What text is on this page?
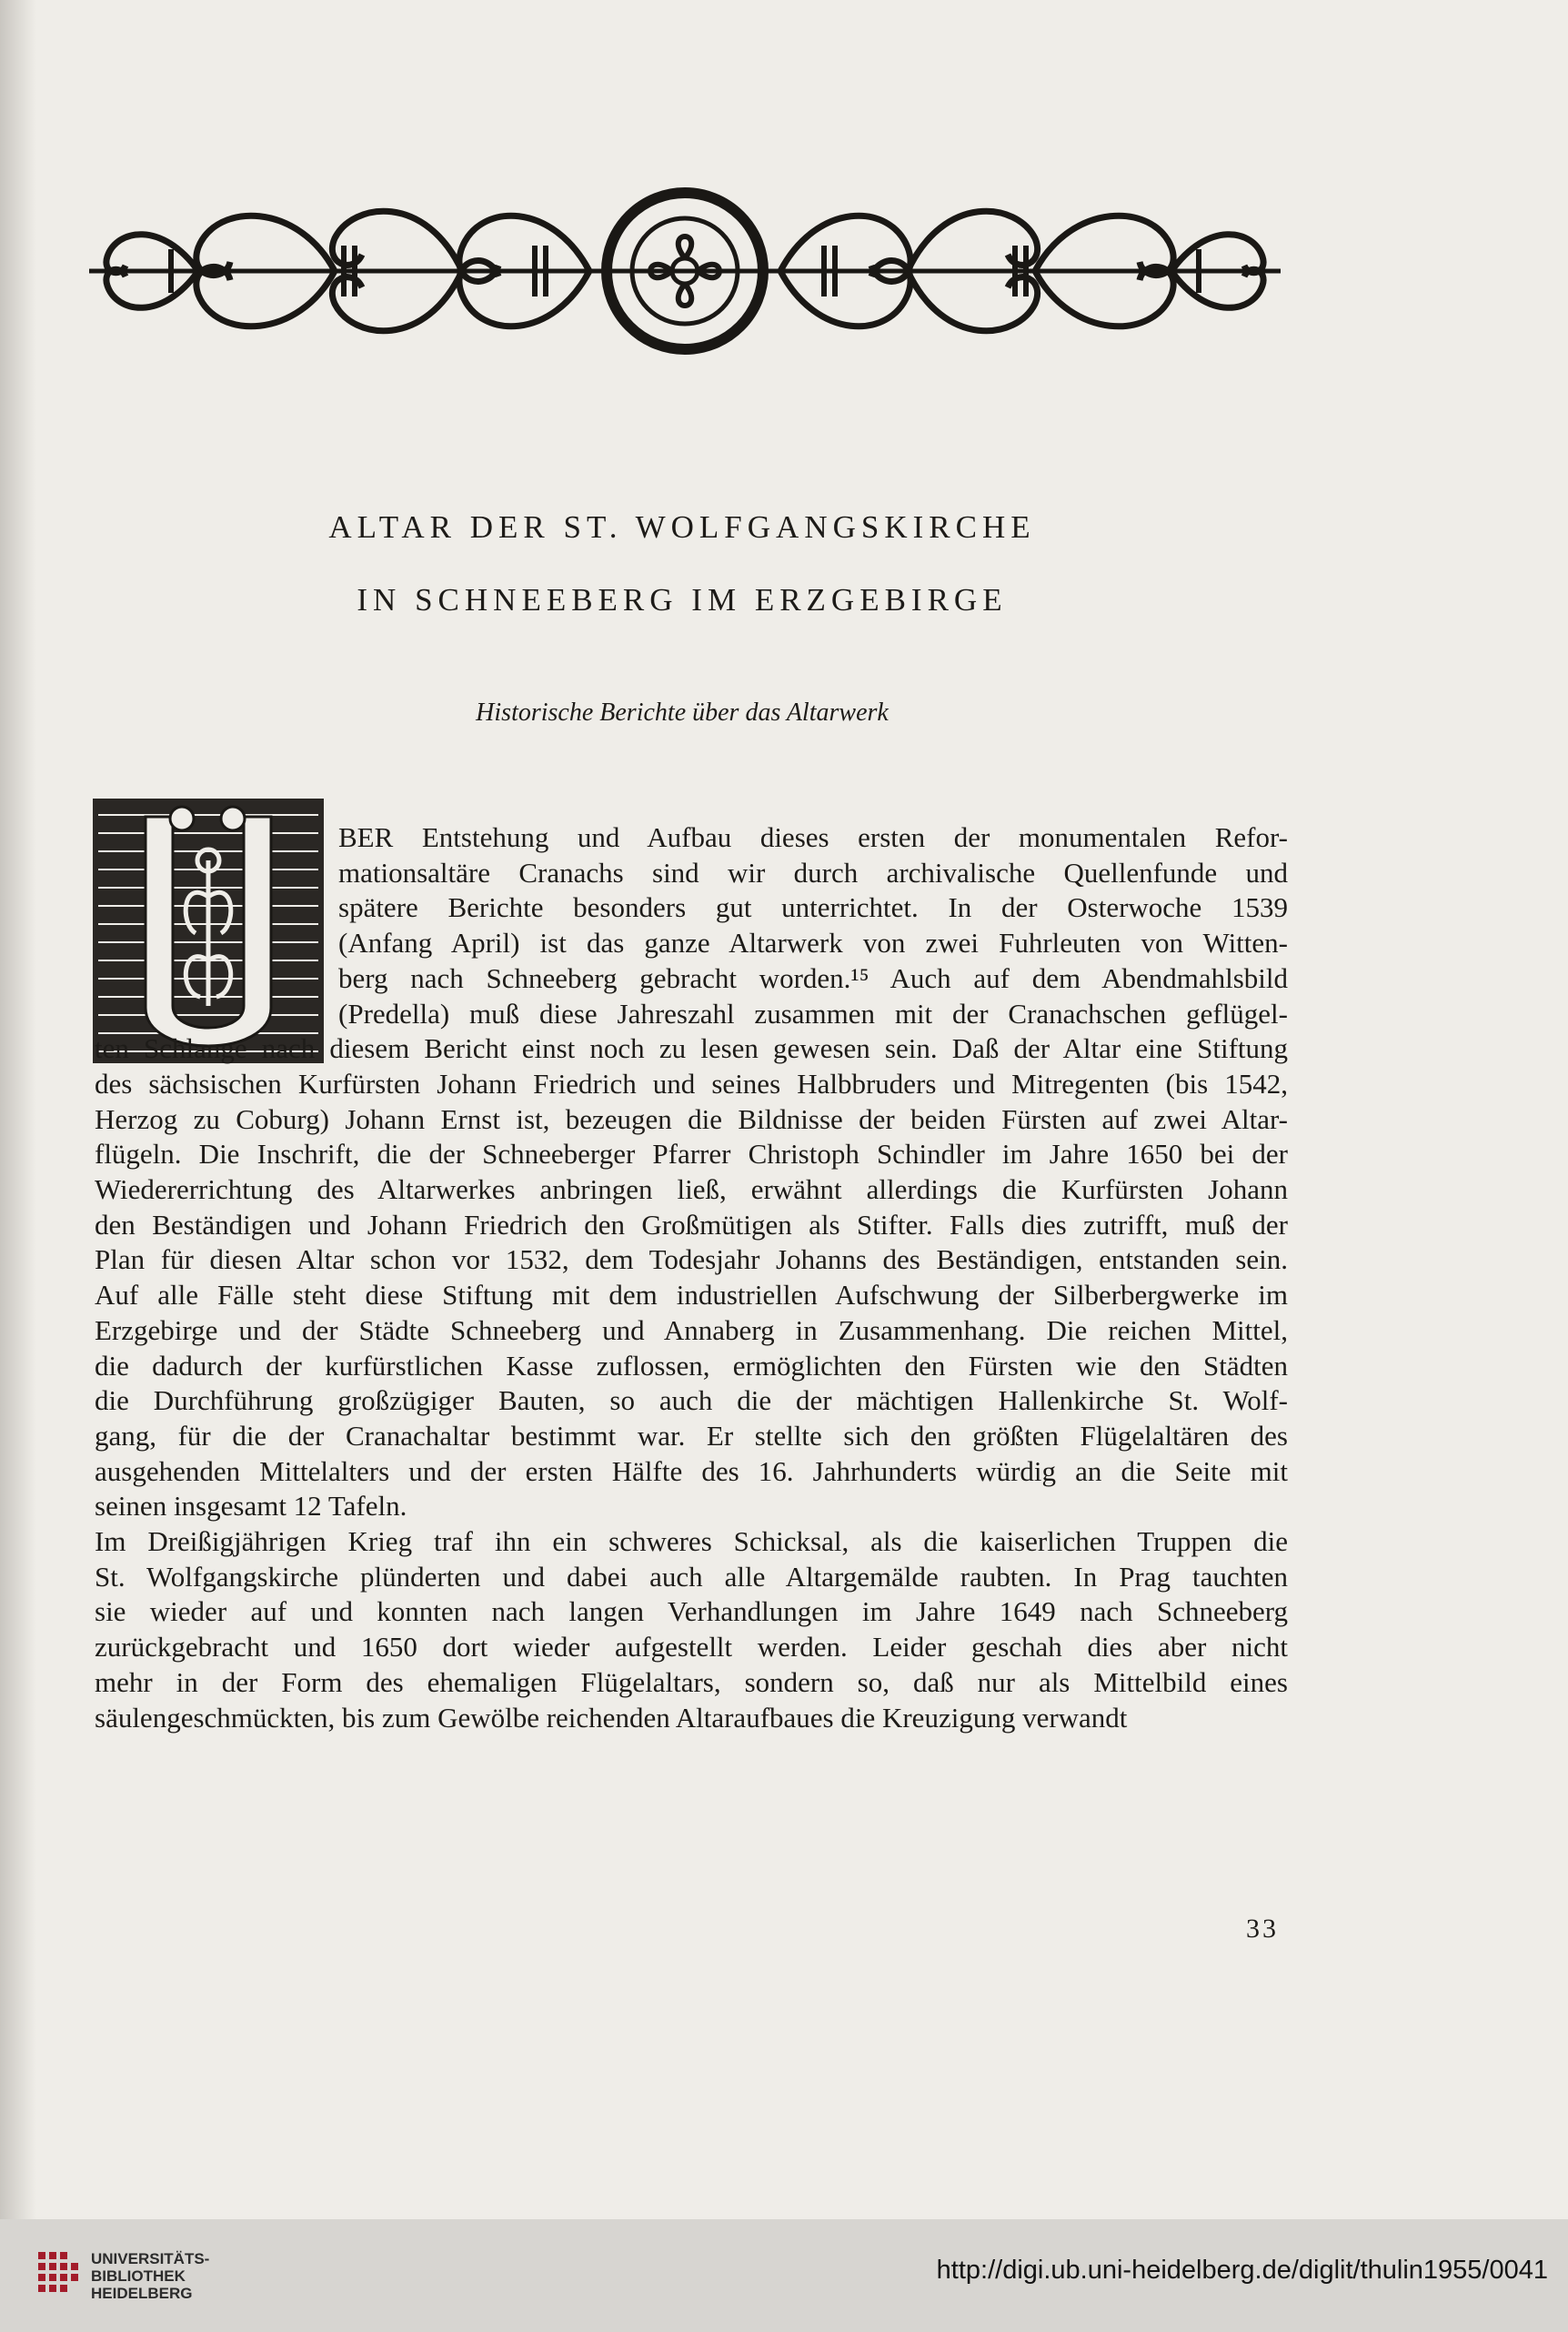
ALTAR DER ST. WOLFGANGSKIRCHE
IN SCHNEEBERG IM ERZGEBIRGE
Historische Berichte über das Altarwerk
BER Entstehung und Aufbau dieses ersten der monumentalen Refor-
mationsaltäre Cranachs sind wir durch archivalische Quellenfunde und
spätere Berichte besonders gut unterrichtet. In der Osterwoche 1539
(Anfang April) ist das ganze Altarwerk von zwei Fuhrleuten von Witten-
berg nach Schneeberg gebracht worden.¹⁵ Auch auf dem Abendmahlsbild
(Predella) muß diese Jahreszahl zusammen mit der Cranachschen geflügel-
ten Schlange nach diesem Bericht einst noch zu lesen gewesen sein. Daß der Altar eine Stiftung
des sächsischen Kurfürsten Johann Friedrich und seines Halbbruders und Mitregenten (bis 1542,
Herzog zu Coburg) Johann Ernst ist, bezeugen die Bildnisse der beiden Fürsten auf zwei Altar-
flügeln. Die Inschrift, die der Schneeberger Pfarrer Christoph Schindler im Jahre 1650 bei der
Wiedererrichtung des Altarwerkes anbringen ließ, erwähnt allerdings die Kurfürsten Johann
den Beständigen und Johann Friedrich den Großmütigen als Stifter. Falls dies zutrifft, muß der
Plan für diesen Altar schon vor 1532, dem Todesjahr Johanns des Beständigen, entstanden sein.
Auf alle Fälle steht diese Stiftung mit dem industriellen Aufschwung der Silberbergwerke im
Erzgebirge und der Städte Schneeberg und Annaberg in Zusammenhang. Die reichen Mittel,
die dadurch der kurfürstlichen Kasse zuflossen, ermöglichten den Fürsten wie den Städten
die Durchführung großzügiger Bauten, so auch die der mächtigen Hallenkirche St. Wolf-
gang, für die der Cranachaltar bestimmt war. Er stellte sich den größten Flügelaltären des
ausgehenden Mittelalters und der ersten Hälfte des 16. Jahrhunderts würdig an die Seite mit
seinen insgesamt 12 Tafeln.
Im Dreißigjährigen Krieg traf ihn ein schweres Schicksal, als die kaiserlichen Truppen die
St. Wolfgangskirche plünderten und dabei auch alle Altargemälde raubten. In Prag tauchten
sie wieder auf und konnten nach langen Verhandlungen im Jahre 1649 nach Schneeberg
zurückgebracht und 1650 dort wieder aufgestellt werden. Leider geschah dies aber nicht
mehr in der Form des ehemaligen Flügelaltars, sondern so, daß nur als Mittelbild eines
säulengeschmückten, bis zum Gewölbe reichenden Altaraufbaues die Kreuzigung verwandt
33
UNIVERSITÄTS-
BIBLIOTHEK
HEIDELBERG
http://digi.ub.uni-heidelberg.de/diglit/thulin1955/0041
